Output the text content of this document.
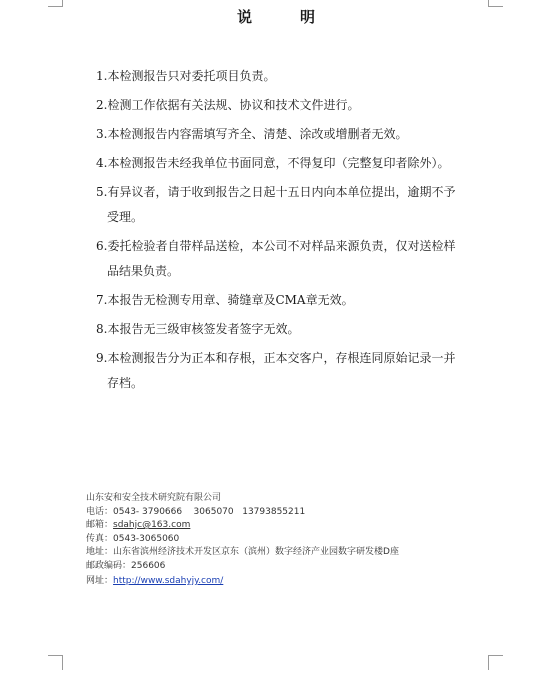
说明
1.本检测报告只对委托项目负责。
2.检测工作依据有关法规、协议和技术文件进行。
3.本检测报告内容需填写齐全、清楚、涂改或增删者无效。
4.本检测报告未经我单位书面同意，不得复印（完整复印者除外）。
5.有异议者，请于收到报告之日起十五日内向本单位提出，逾期不予
受理。
6.委托检验者自带样品送检，本公司不对样品来源负责，仅对送检样
品结果负责。
7.本报告无检测专用章、骑缝章及CMA章无效。
8.本报告无三级审核签发者签字无效。
9.本检测报告分为正本和存根，正本交客户，存根连同原始记录一并
存档。
山东安和安全技术研究院有限公司
电话：0543- 3790666    3065070   13793855211
邮箱：sdahjc@163.com
传真：0543-3065060
地址：山东省滨州经济技术开发区京东（滨州）数字经济产业园数字研发楼D座
邮政编码：256606
网址：http://www.sdahyjy.com/
